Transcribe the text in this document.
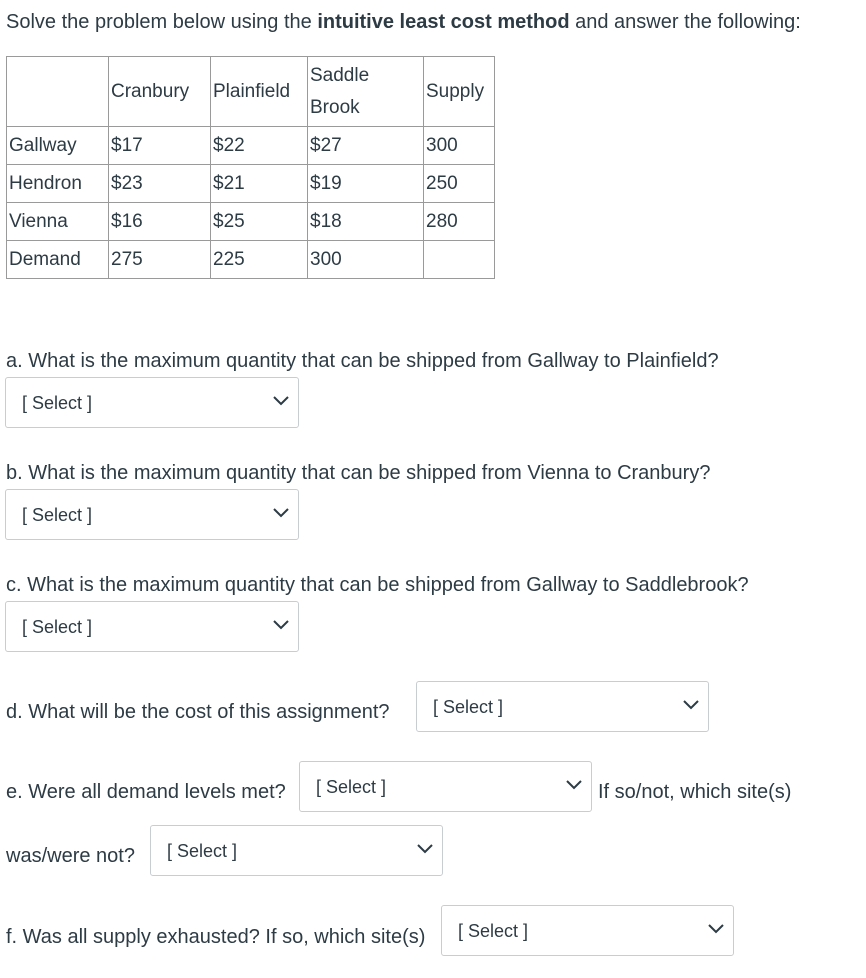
Solve the problem below using the intuitive least cost method and answer the following:
	Cranbury	Plainfield	Saddle Brook	Supply
Gallway	$17	$22	$27	300
Hendron	$23	$21	$19	250
Vienna	$16	$25	$18	280
Demand	275	225	300	
a. What is the maximum quantity that can be shipped from Gallway to Plainfield?
[ Select ]
b. What is the maximum quantity that can be shipped from Vienna to Cranbury?
[ Select ]
c. What is the maximum quantity that can be shipped from Gallway to Saddlebrook?
[ Select ]
d. What will be the cost of this assignment? [ Select ]
e. Were all demand levels met? [ Select ]	If so/not, which site(s)
was/were not? [ Select ]
f. Was all supply exhausted? If so, which site(s) [ Select ]
